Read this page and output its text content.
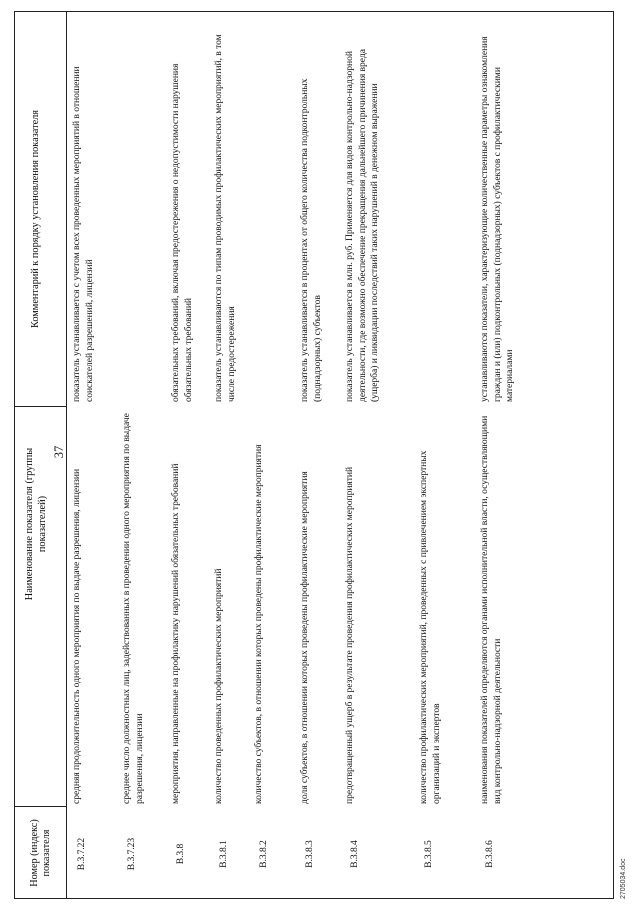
37
Номер (индекс) показателя
Наименование показателя (группы показателей)
Комментарий к порядку установления показателя
В.3.7.22
средняя продолжительность одного мероприятия по выдаче разрешения, лицензии
показатель устанавливается с учетом всех проведенных мероприятий в отношении соискателей разрешений, лицензий
В.3.7.23
среднее число должностных лиц, задействованных в проведении одного мероприятия по выдаче разрешения, лицензии
В.3.8
мероприятия, направленные на профилактику нарушений обязательных требований
обязательных требований, включая предостережения о недопустимости нарушения обязательных требований
В.3.8.1
количество проведенных профилактических мероприятий
показатель устанавливаются по типам проводимых профилактических мероприятий, в том числе предостережения
В.3.8.2
количество субъектов, в отношении которых проведены профилактические мероприятия
В.3.8.3
доля субъектов, в отношении которых проведены профилактические мероприятия
показатель устанавливается в процентах от общего количества подконтрольных (поднадзорных) субъектов
В.3.8.4
предотвращенный ущерб в результате проведения профилактических мероприятий
показатель устанавливается в млн. руб. Применяется для видов контрольно-надзорной деятельности, где возможно обеспечение прекращения дальнейшего причинения вреда (ущерба) и ликвидации последствий таких нарушений в денежном выражении
В.3.8.5
количество профилактических мероприятий, проведенных с привлечением экспертных организаций и экспертов
В.3.8.6
наименования показателей определяются органами исполнительной власти, осуществляющими вид контрольно-надзорной деятельности
устанавливаются показатели, характеризующие количественные параметры ознакомления граждан и (или) подконтрольных (поднадзорных) субъектов с профилактическими материалами
2705034.doc
